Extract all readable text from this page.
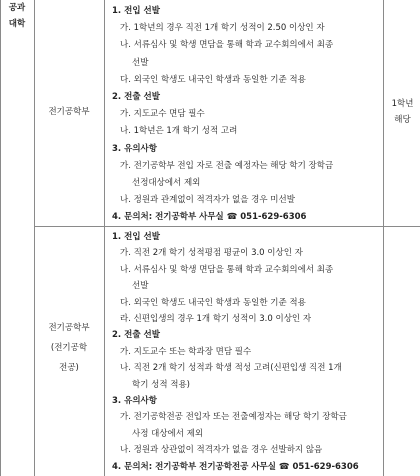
공과
대학
전기공학부
1. 전입 선발
가. 1학년의 경우 직전 1개 학기 성적이 2.50 이상인 자
나. 서류심사 및 학생 면담을 통해 학과 교수회의에서 최종
선발
다. 외국인 학생도 내국인 학생과 동일한 기준 적용
2. 전출 선발
가. 지도교수 면담 필수
나. 1학년은 1개 학기 성적 고려
3. 유의사항
가. 전기공학부 전입 자로 전출 예정자는 해당 학기 장학금
선정대상에서 제외
나. 정원과 관계없이 적격자가 없을 경우 미선발
4. 문의처: 전기공학부 사무실 ☎ 051-629-6306
1학년
해당
전기공학부
(전기공학
전공)
1. 전입 선발
가. 직전 2개 학기 성적평점 평균이 3.0 이상인 자
나. 서류심사 및 학생 면담을 통해 학과 교수회의에서 최종
선발
다. 외국인 학생도 내국인 학생과 동일한 기준 적용
라. 신편입생의 경우 1개 학기 성적이 3.0 이상인 자
2. 전출 선발
가. 지도교수 또는 학과장 면담 필수
나. 직전 2개 학기 성적과 학생 적성 고려(신편입생 직전 1개
학기 성적 적용)
3. 유의사항
가. 전기공학전공 전입자 또는 전출예정자는 해당 학기 장학금
사정 대상에서 제외
나. 정원과 상관없이 적격자가 없을 경우 선발하지 않음
4. 문의처: 전기공학부 전기공학전공 사무실 ☎ 051-629-6306
